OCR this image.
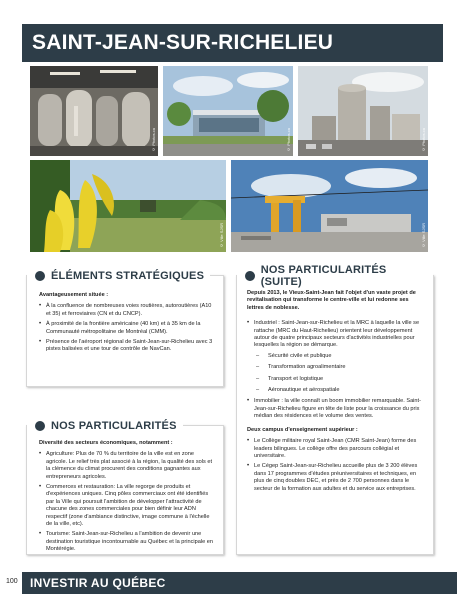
SAINT-JEAN-SUR-RICHELIEU
© Photos.ca	© Photos.ca	© Photos.ca
© Ville SJSR	© Ville SJSR
ÉLÉMENTS STRATÉGIQUES
Avantageusement située :
• À la confluence de nombreuses voies routières, autoroutières (A10 et 35) et ferroviaires (CN et du CNCP).
• À proximité de la frontière américaine (40 km) et à 35 km de la Communauté métropolitaine de Montréal (CMM).
• Présence de l'aéroport régional de Saint-Jean-sur-Richelieu avec 3 pistes balisées et une tour de contrôle de NavCan.
NOS PARTICULARITÉS
Diversité des secteurs économiques, notamment :
• Agriculture: Plus de 70 % du territoire de la ville est en zone agricole. Le relief très plat associé à la région, la qualité des sols et la clémence du climat procurent des conditions gagnantes aux entrepreneurs agricoles.
• Commerces et restauration: La ville regorge de produits et d'expériences uniques. Cinq pôles commerciaux ont été identifiés par la Ville qui poursuit l'ambition de développer l'attractivité de chacune des zones commerciales pour bien définir leur ADN respectif (zone d'ambiance distinctive, image commune à l'échelle de la ville, etc).
• Tourisme: Saint-Jean-sur-Richelieu a l'ambition de devenir une destination touristique incontournable au Québec et la principale en Montérégie.
NOS PARTICULARITÉS (SUITE)
Depuis 2013, le Vieux-Saint-Jean fait l'objet d'un vaste projet de revitalisation qui transforme le centre-ville et lui redonne ses lettres de noblesse.
• Industriel : Saint-Jean-sur-Richelieu et la MRC à laquelle la ville se rattache (MRC du Haut-Richelieu) orientent leur développement autour de quatre principaux secteurs d'activités industrielles pour lesquelles la région se démarque.
– Sécurité civile et publique
– Transformation agroalimentaire
– Transport et logistique
– Aéronautique et aérospatiale
• Immobilier : la ville connaît un boom immobilier remarquable. Saint-Jean-sur-Richelieu figure en tête de liste pour la croissance du prix médian des résidences et le volume des ventes.
Deux campus d'enseignement supérieur :
• Le Collège militaire royal Saint-Jean (CMR Saint-Jean) forme des leaders bilingues. Le collège offre des parcours collégial et universitaire.
• Le Cégep Saint-Jean-sur-Richelieu accueille plus de 3 200 élèves dans 17 programmes d'études préuniversitaires et techniques, en plus de cinq doubles DEC, et près de 2 700 personnes dans le secteur de la formation aux adultes et du service aux entreprises.
100 INVESTIR AU QUÉBEC
